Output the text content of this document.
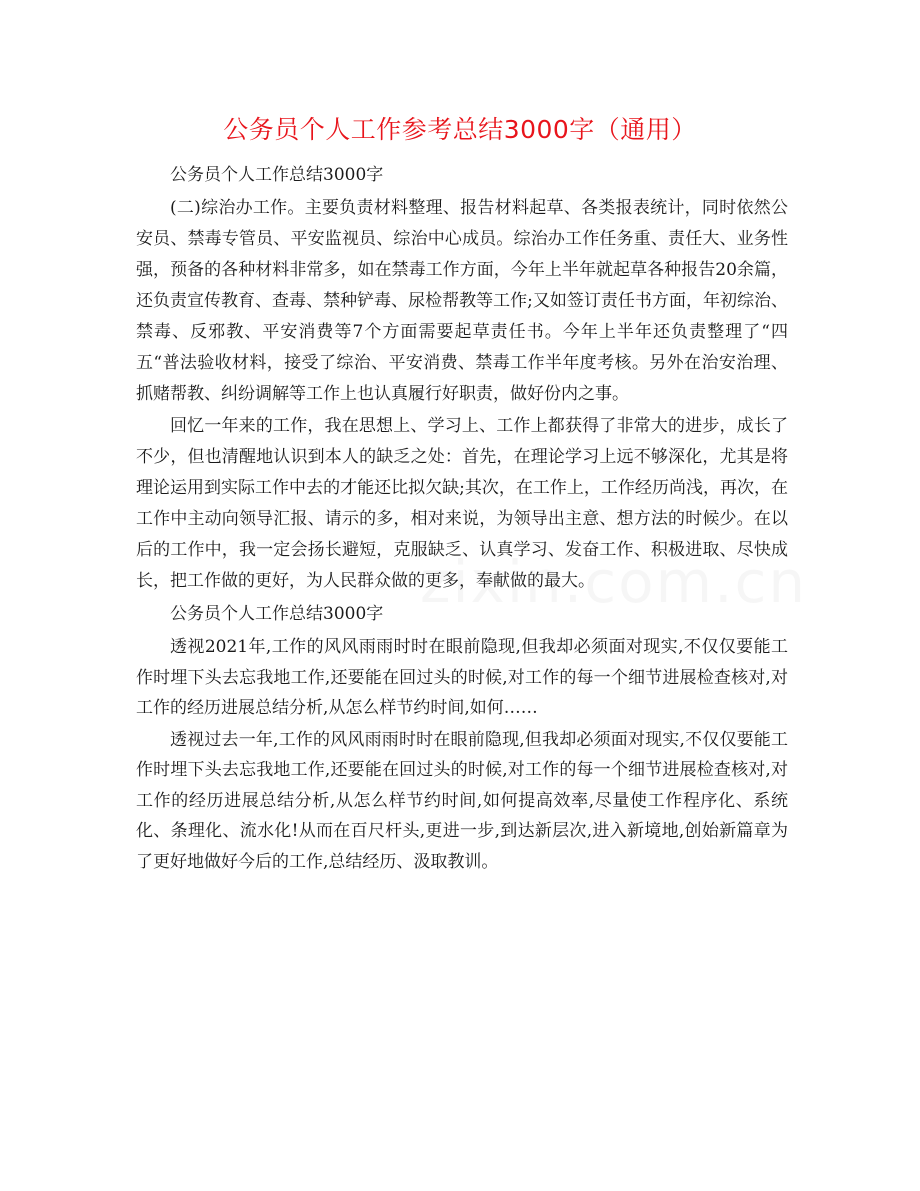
公务员个人工作参考总结3000字（通用）

公务员个人工作总结3000字

(二)综治办工作。主要负责材料整理、报告材料起草、各类报表统计，同时依然公安员、禁毒专管员、平安监视员、综治中心成员。综治办工作任务重、责任大、业务性强，预备的各种材料非常多，如在禁毒工作方面，今年上半年就起草各种报告20余篇，还负责宣传教育、查毒、禁种铲毒、尿检帮教等工作;又如签订责任书方面，年初综治、禁毒、反邪教、平安消费等7个方面需要起草责任书。今年上半年还负责整理了“四五“普法验收材料，接受了综治、平安消费、禁毒工作半年度考核。另外在治安治理、抓赌帮教、纠纷调解等工作上也认真履行好职责，做好份内之事。

回忆一年来的工作，我在思想上、学习上、工作上都获得了非常大的进步，成长了不少，但也清醒地认识到本人的缺乏之处：首先，在理论学习上远不够深化，尤其是将理论运用到实际工作中去的才能还比拟欠缺;其次，在工作上，工作经历尚浅，再次，在工作中主动向领导汇报、请示的多，相对来说，为领导出主意、想方法的时候少。在以后的工作中，我一定会扬长避短，克服缺乏、认真学习、发奋工作、积极进取、尽快成长，把工作做的更好，为人民群众做的更多，奉献做的最大。

公务员个人工作总结3000字

透视2021年,工作的风风雨雨时时在眼前隐现,但我却必须面对现实,不仅仅要能工作时埋下头去忘我地工作,还要能在回过头的时候,对工作的每一个细节进展检查核对,对工作的经历进展总结分析,从怎么样节约时间,如何……

透视过去一年,工作的风风雨雨时时在眼前隐现,但我却必须面对现实,不仅仅要能工作时埋下头去忘我地工作,还要能在回过头的时候,对工作的每一个细节进展检查核对,对工作的经历进展总结分析,从怎么样节约时间,如何提高效率,尽量使工作程序化、系统化、条理化、流水化!从而在百尺杆头,更进一步,到达新层次,进入新境地,创始新篇章为了更好地做好今后的工作,总结经历、汲取教训。
